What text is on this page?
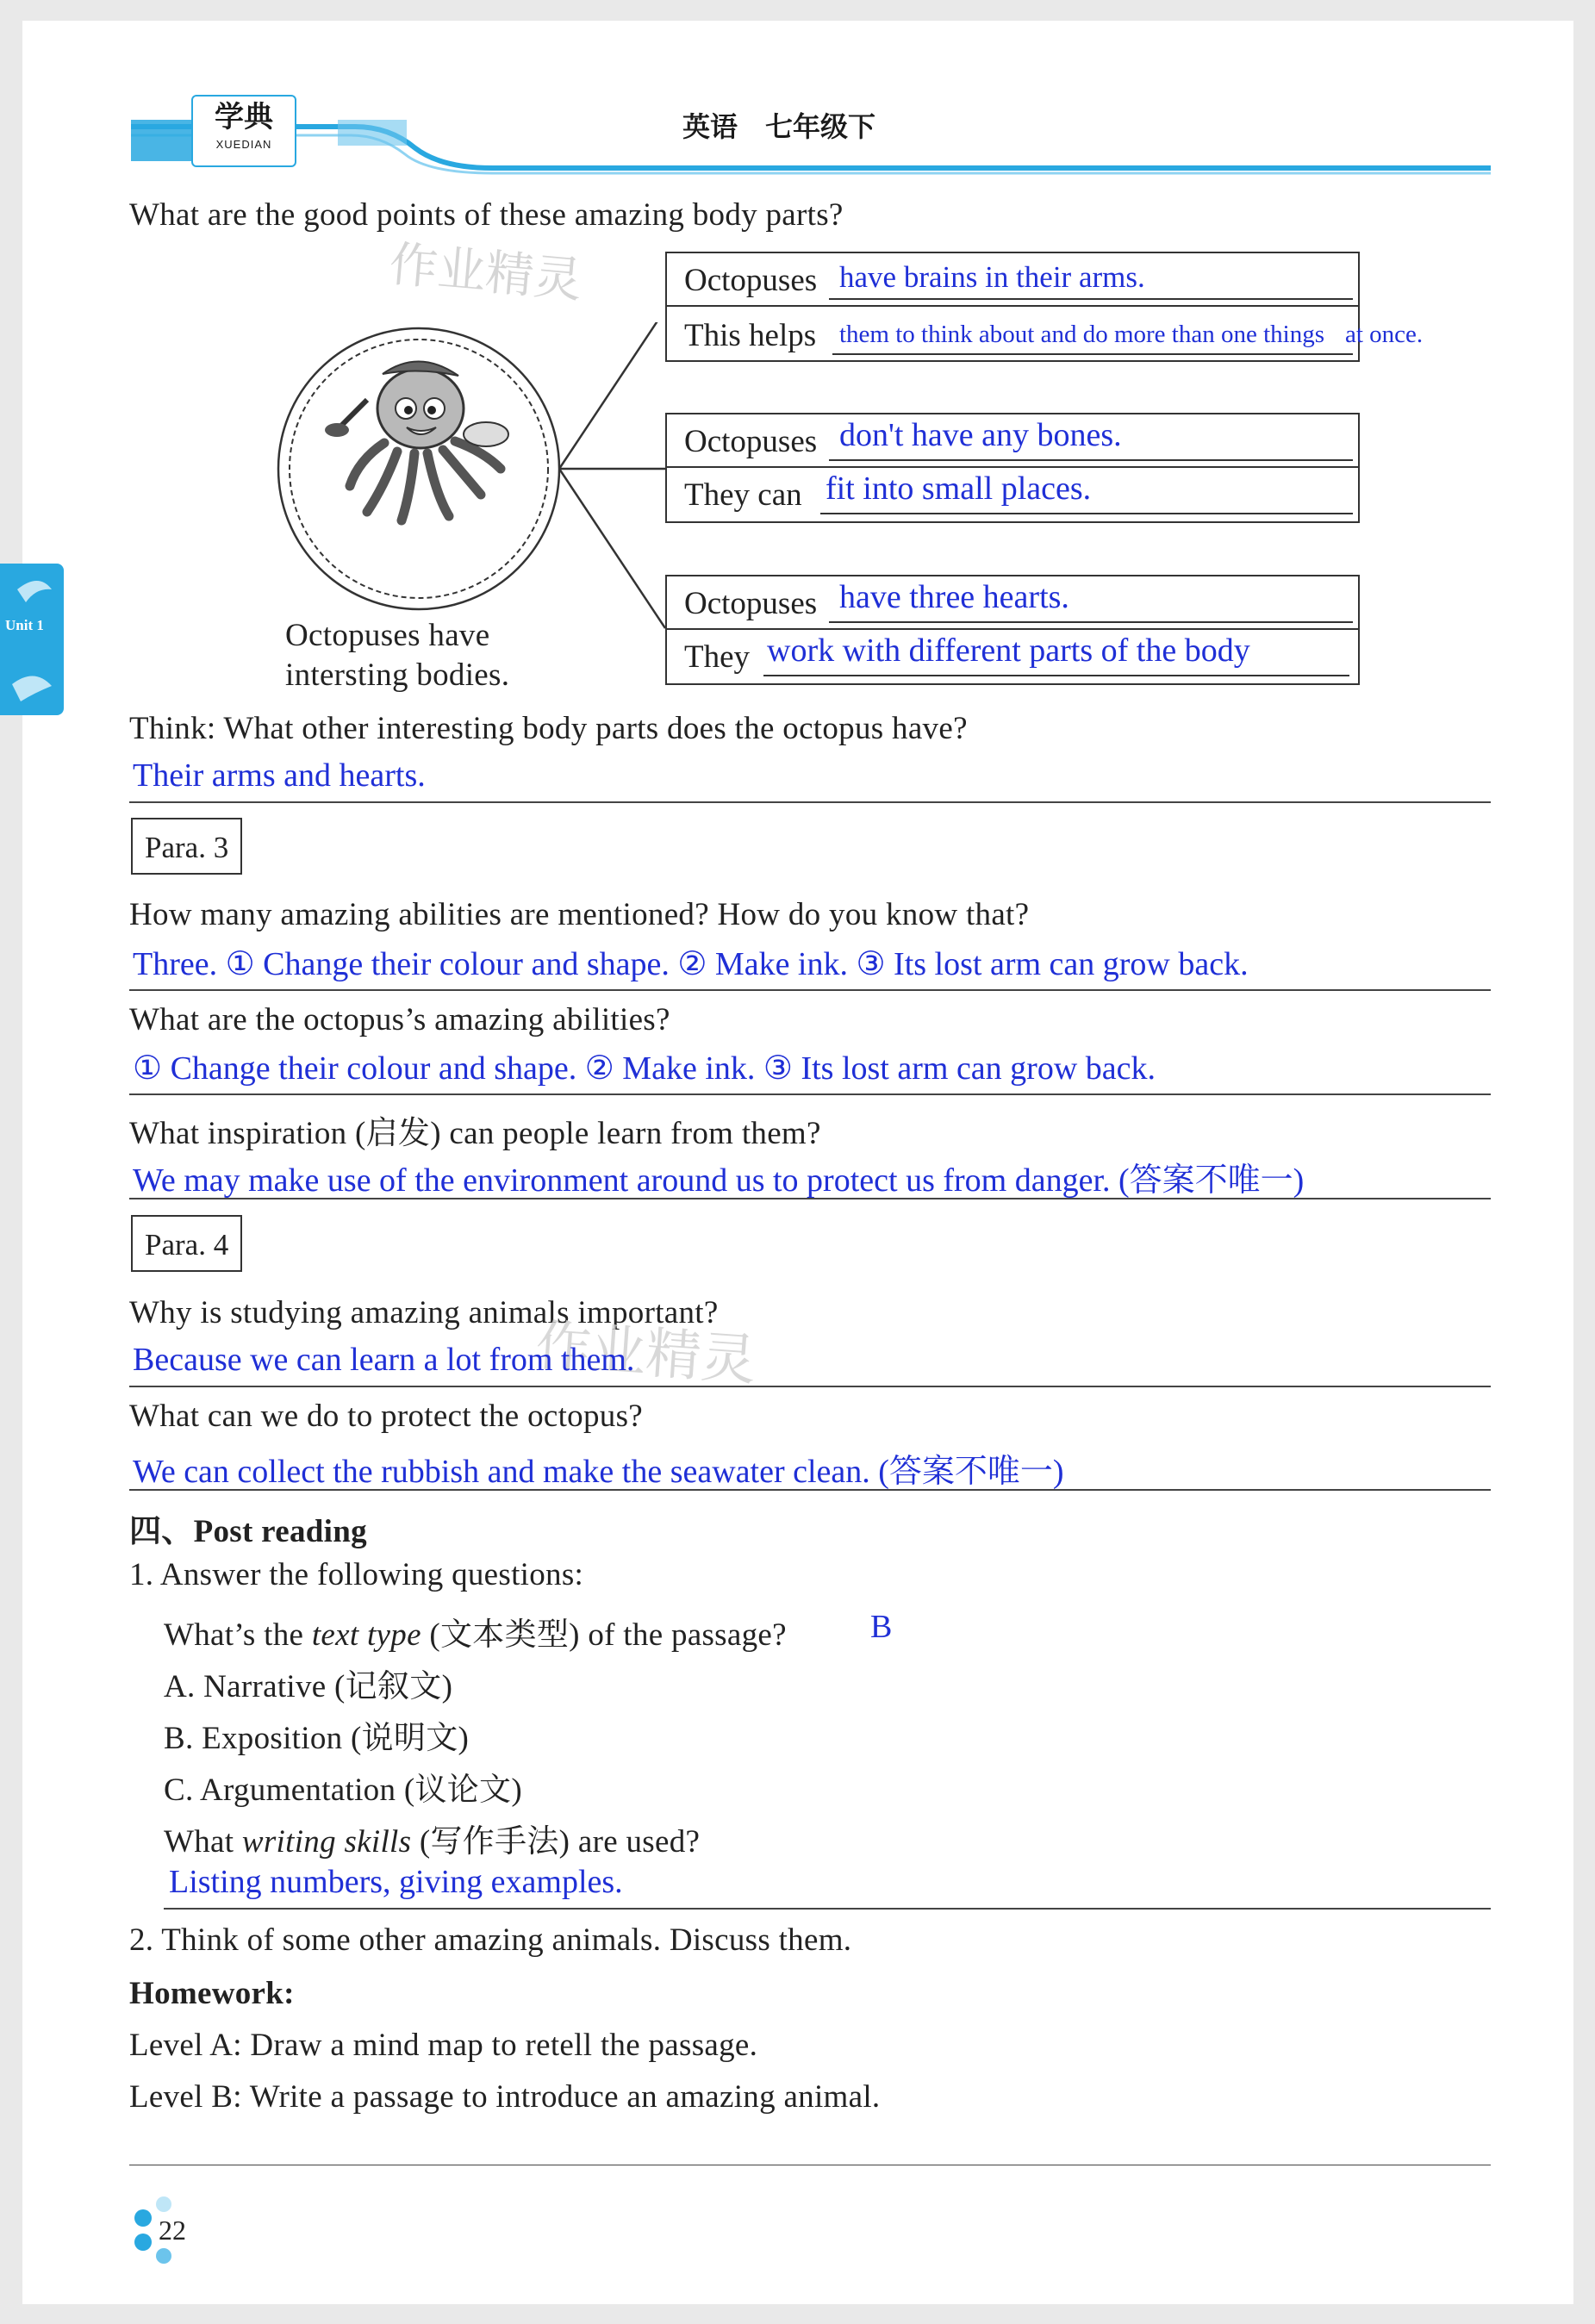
学典
XUEDIAN
英语　七年级下
Unit 1
What are the good points of these amazing body parts?
作业精灵
Octopuses have
intersting bodies.
Octopuses have brains in their arms.
This helps them to think about and do more than one things at once.
Octopuses don't have any bones.
They can fit into small places.
Octopuses have three hearts.
They work with different parts of the body
Think: What other interesting body parts does the octopus have?
Their arms and hearts.
Para. 3
How many amazing abilities are mentioned? How do you know that?
Three. ① Change their colour and shape. ② Make ink. ③ Its lost arm can grow back.
What are the octopus’s amazing abilities?
① Change their colour and shape. ② Make ink. ③ Its lost arm can grow back.
What inspiration (启发) can people learn from them?
We may make use of the environment around us to protect us from danger. (答案不唯一)
Para. 4
Why is studying amazing animals important?
作业精灵
Because we can learn a lot from them.
What can we do to protect the octopus?
We can collect the rubbish and make the seawater clean. (答案不唯一)
四、Post reading
1. Answer the following questions:
What’s the text type (文本类型) of the passage?	B
A. Narrative (记叙文)
B. Exposition (说明文)
C. Argumentation (议论文)
What writing skills (写作手法) are used?
Listing numbers, giving examples.
2. Think of some other amazing animals. Discuss them.
Homework:
Level A: Draw a mind map to retell the passage.
Level B: Write a passage to introduce an amazing animal.
22
